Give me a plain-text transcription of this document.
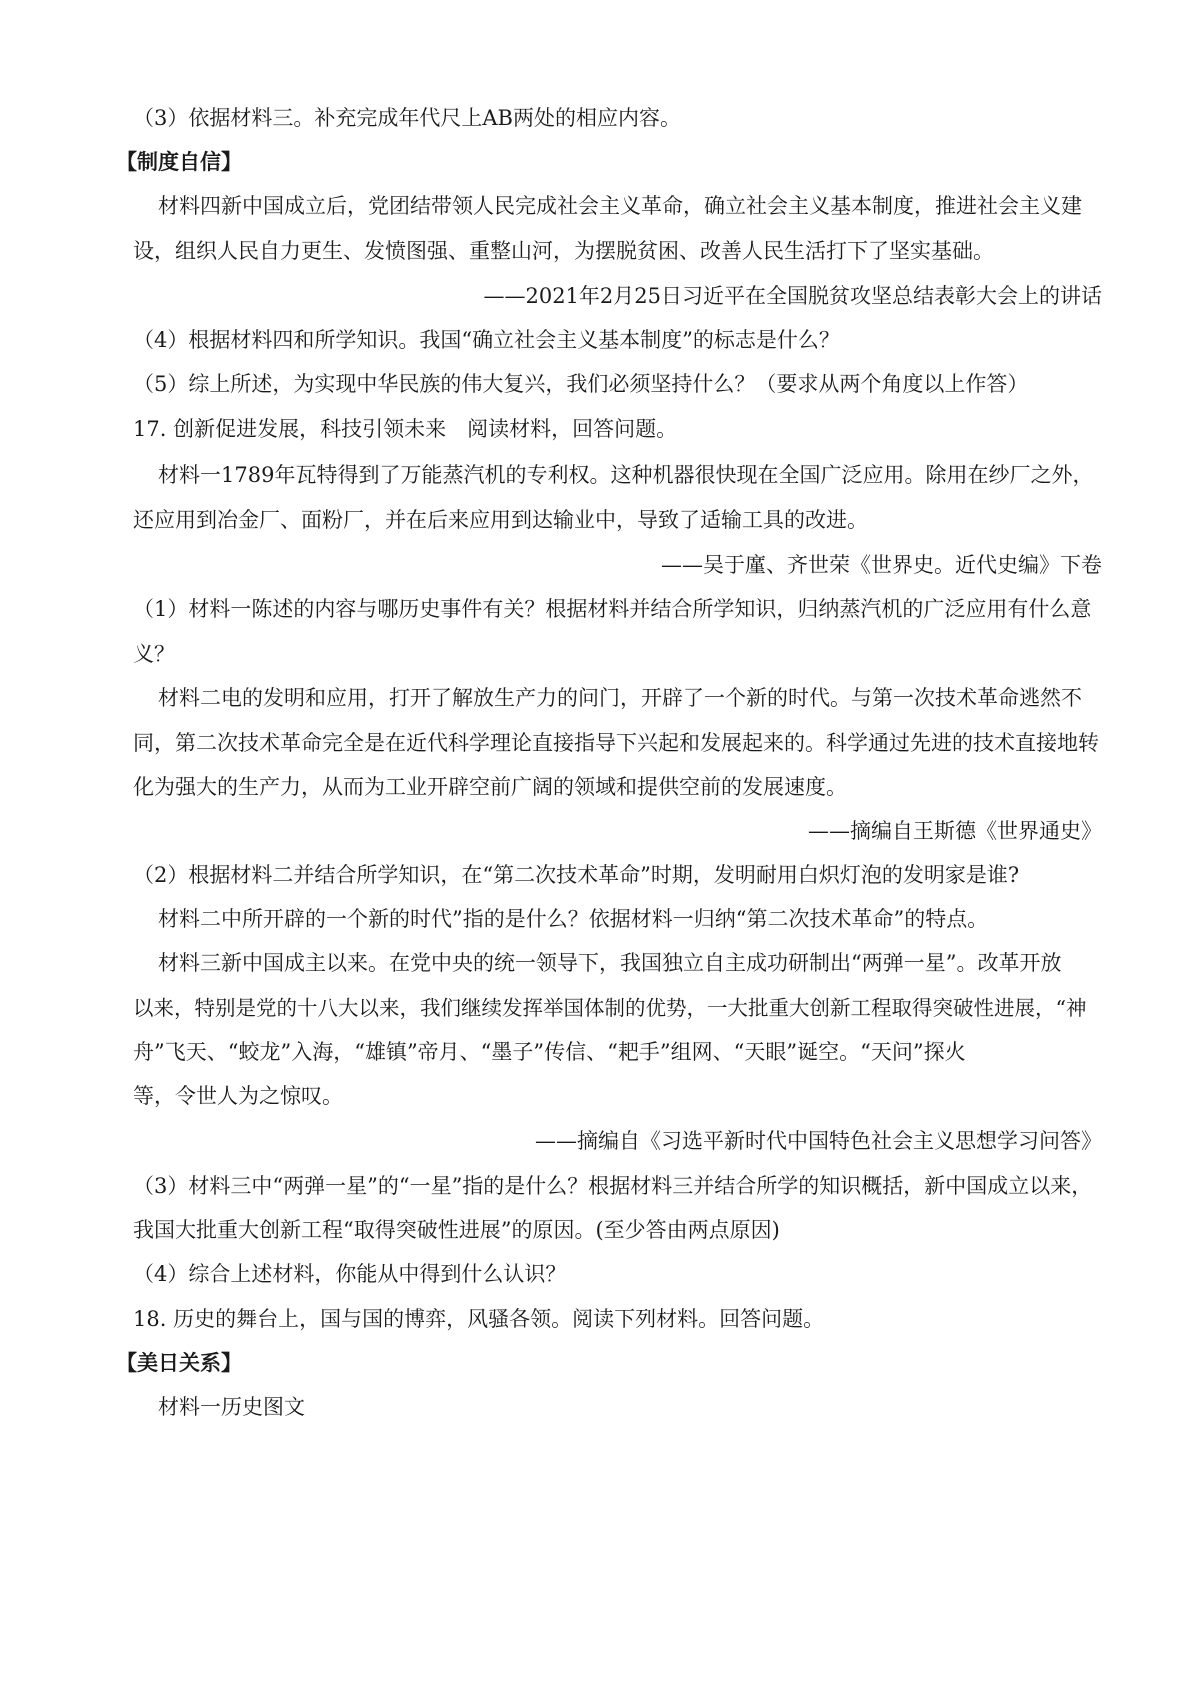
（3）依据材料三。补充完成年代尺上AB两处的相应内容。
【制度自信】
材料四新中国成立后，党团结带领人民完成社会主义革命，确立社会主义基本制度，推进社会主义建
设，组织人民自力更生、发愤图强、重整山河，为摆脱贫困、改善人民生活打下了坚实基础。
——2021年2月25日习近平在全国脱贫攻坚总结表彰大会上的讲话
（4）根据材料四和所学知识。我国“确立社会主义基本制度”的标志是什么？
（5）综上所述，为实现中华民族的伟大复兴，我们必须坚持什么？（要求从两个角度以上作答）
17. 创新促进发展，科技引领未来　阅读材料，回答问题。
材料一1789年瓦特得到了万能蒸汽机的专利权。这种机器很快现在全国广泛应用。除用在纱厂之外，
还应用到冶金厂、面粉厂，并在后来应用到达输业中，导致了适输工具的改进。
——吴于廑、齐世荣《世界史。近代史编》下卷
（1）材料一陈述的内容与哪历史事件有关？根据材料并结合所学知识，归纳蒸汽机的广泛应用有什么意
义？
材料二电的发明和应用，打开了解放生产力的问门，开辟了一个新的时代。与第一次技术革命逃然不
同，第二次技术革命完全是在近代科学理论直接指导下兴起和发展起来的。科学通过先进的技术直接地转
化为强大的生产力，从而为工业开辟空前广阔的领域和提供空前的发展速度。
——摘编自王斯德《世界通史》
（2）根据材料二并结合所学知识，在“第二次技术革命”时期，发明耐用白炽灯泡的发明家是谁?
材料二中所开辟的一个新的时代”指的是什么？依据材料一归纳“第二次技术革命”的特点。
材料三新中国成主以来。在党中央的统一领导下，我国独立自主成功研制出“两弹一星”。改革开放
以来，特别是党的十八大以来，我们继续发挥举国体制的优势，一大批重大创新工程取得突破性进展，“神
舟”飞天、“蛟龙”入海，“雄镇”帝月、“墨子”传信、“耙手”组网、“天眼”诞空。“天问”探火
等，令世人为之惊叹。
——摘编自《习选平新时代中国特色社会主义思想学习问答》
（3）材料三中“两弹一星”的“一星”指的是什么？根据材料三并结合所学的知识概括，新中国成立以来，
我国大批重大创新工程“取得突破性进展”的原因。(至少答由两点原因)
（4）综合上述材料，你能从中得到什么认识？
18. 历史的舞台上，国与国的博弈，风骚各领。阅读下列材料。回答问题。
【美日关系】
材料一历史图文
